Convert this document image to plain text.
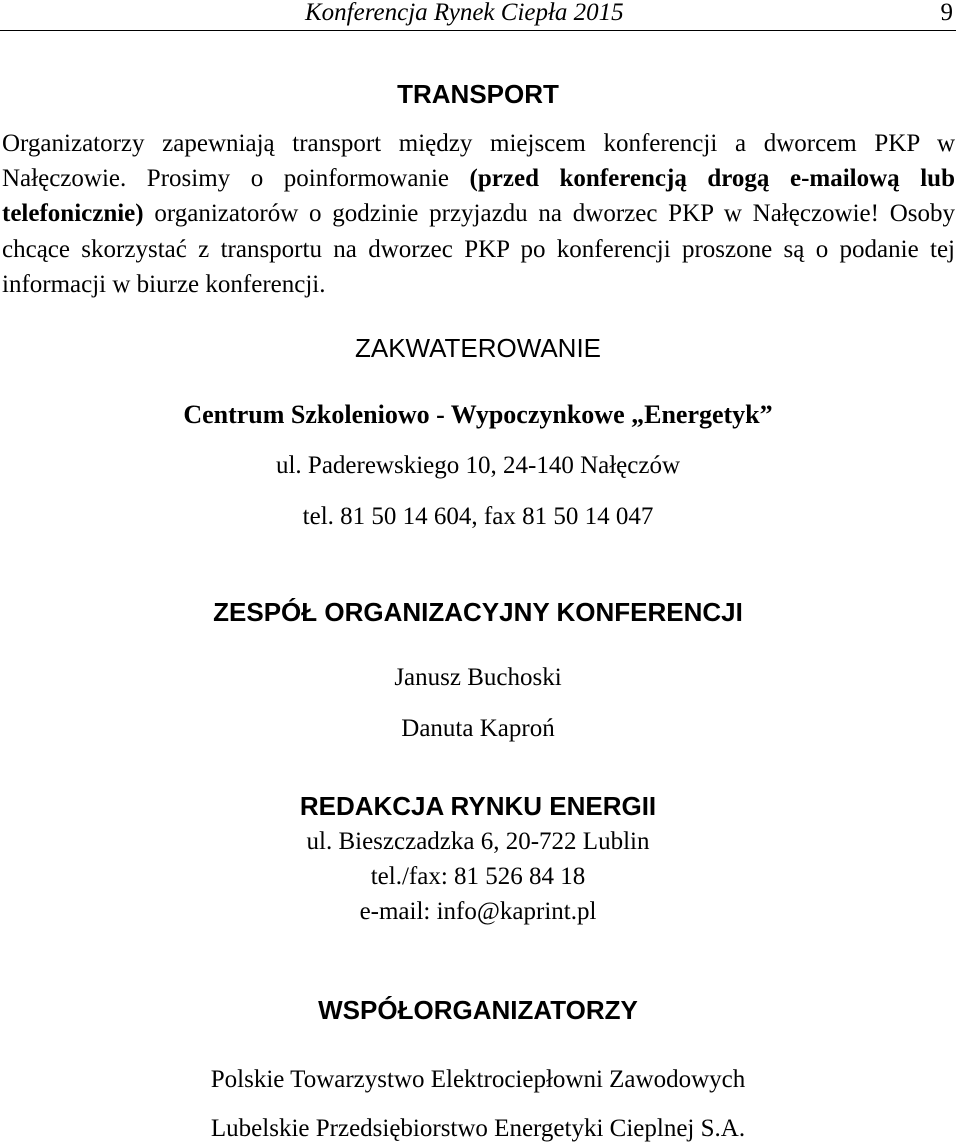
Konferencja Rynek Ciepła 2015	9
TRANSPORT

Organizatorzy zapewniają transport między miejscem konferencji a dworcem PKP w Nałęczowie. Prosimy o poinformowanie (przed konferencją drogą e-mailową lub telefonicznie) organizatorów o godzinie przyjazdu na dworzec PKP w Nałęczowie! Osoby chcące skorzystać z transportu na dworzec PKP po konferencji proszone są o podanie tej informacji w biurze konferencji.

ZAKWATEROWANIE
Centrum Szkoleniowo - Wypoczynkowe „Energetyk”
ul. Paderewskiego 10, 24-140 Nałęczów
tel. 81 50 14 604, fax 81 50 14 047
ZESPÓŁ ORGANIZACYJNY KONFERENCJI
Janusz Buchoski
Danuta Kaproń
REDAKCJA RYNKU ENERGII
ul. Bieszczadzka 6, 20-722 Lublin
tel./fax: 81 526 84 18
e-mail: info@kaprint.pl
WSPÓŁORGANIZATORZY
Polskie Towarzystwo Elektrociepłowni Zawodowych
Lubelskie Przedsiębiorstwo Energetyki Cieplnej S.A.
